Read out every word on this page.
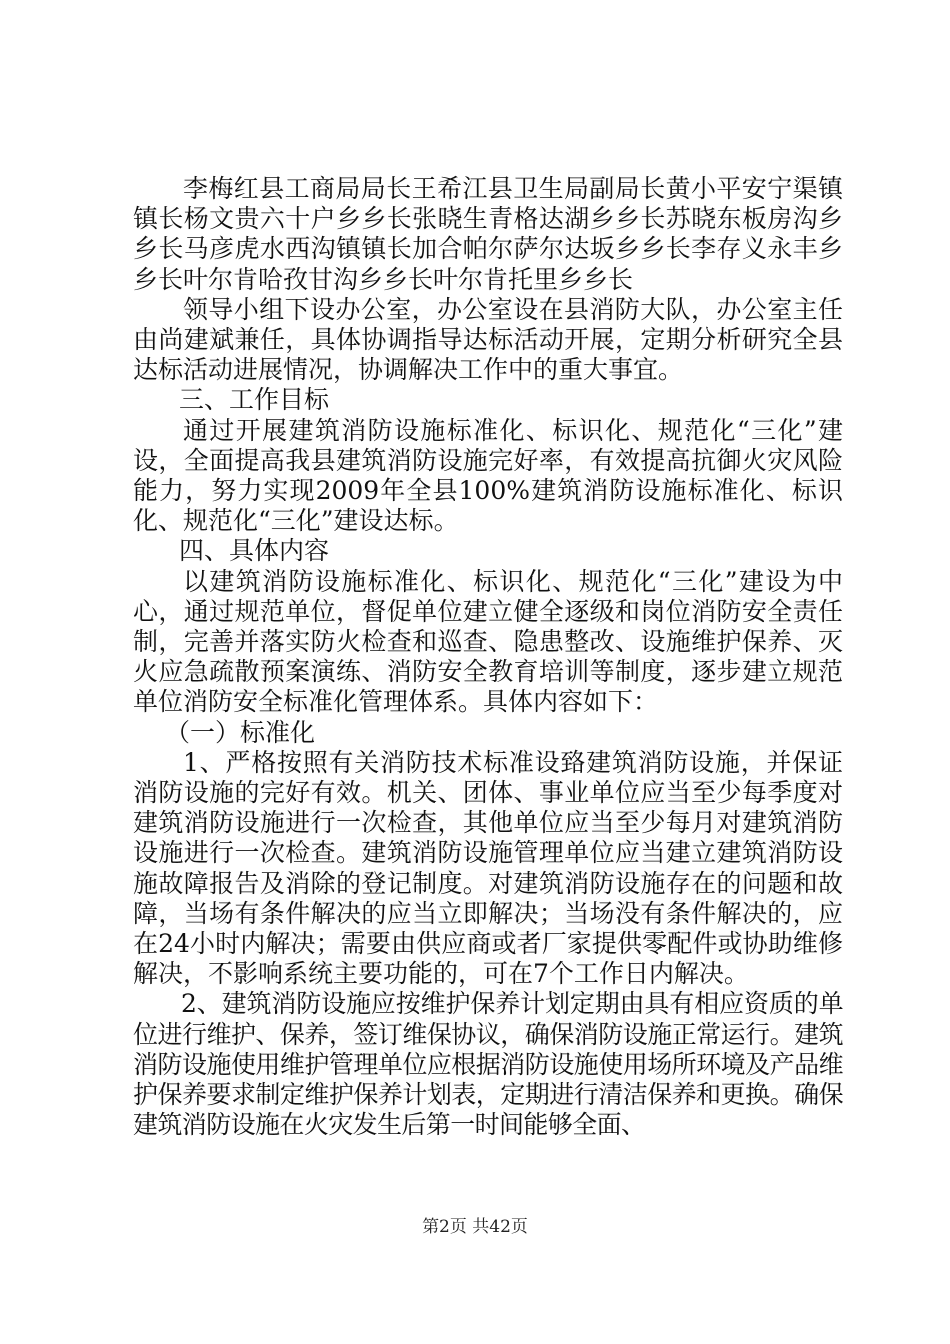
李梅红县工商局局长王希江县卫生局副局长黄小平安宁渠镇镇长杨文贵六十户乡乡长张晓生青格达湖乡乡长苏晓东板房沟乡乡长马彦虎水西沟镇镇长加合帕尔萨尔达坂乡乡长李存义永丰乡乡长叶尔肯哈孜甘沟乡乡长叶尔肯托里乡乡长

领导小组下设办公室，办公室设在县消防大队，办公室主任由尚建斌兼任，具体协调指导达标活动开展，定期分析研究全县达标活动进展情况，协调解决工作中的重大事宜。

三、工作目标

通过开展建筑消防设施标准化、标识化、规范化“三化”建设，全面提高我县建筑消防设施完好率，有效提高抗御火灾风险能力，努力实现2009年全县100%建筑消防设施标准化、标识化、规范化“三化”建设达标。

四、具体内容

以建筑消防设施标准化、标识化、规范化“三化”建设为中心，通过规范单位，督促单位建立健全逐级和岗位消防安全责任制，完善并落实防火检查和巡查、隐患整改、设施维护保养、灭火应急疏散预案演练、消防安全教育培训等制度，逐步建立规范单位消防安全标准化管理体系。具体内容如下：

（一）标准化

1、严格按照有关消防技术标准设臵建筑消防设施，并保证消防设施的完好有效。机关、团体、事业单位应当至少每季度对建筑消防设施进行一次检查，其他单位应当至少每月对建筑消防设施进行一次检查。建筑消防设施管理单位应当建立建筑消防设施故障报告及消除的登记制度。对建筑消防设施存在的问题和故障，当场有条件解决的应当立即解决；当场没有条件解决的，应在24小时内解决；需要由供应商或者厂家提供零配件或协助维修解决，不影响系统主要功能的，可在7个工作日内解决。

2、建筑消防设施应按维护保养计划定期由具有相应资质的单位进行维护、保养，签订维保协议，确保消防设施正常运行。建筑消防设施使用维护管理单位应根据消防设施使用场所环境及产品维护保养要求制定维护保养计划表，定期进行清洁保养和更换。确保建筑消防设施在火灾发生后第一时间能够全面、

第2页 共42页
